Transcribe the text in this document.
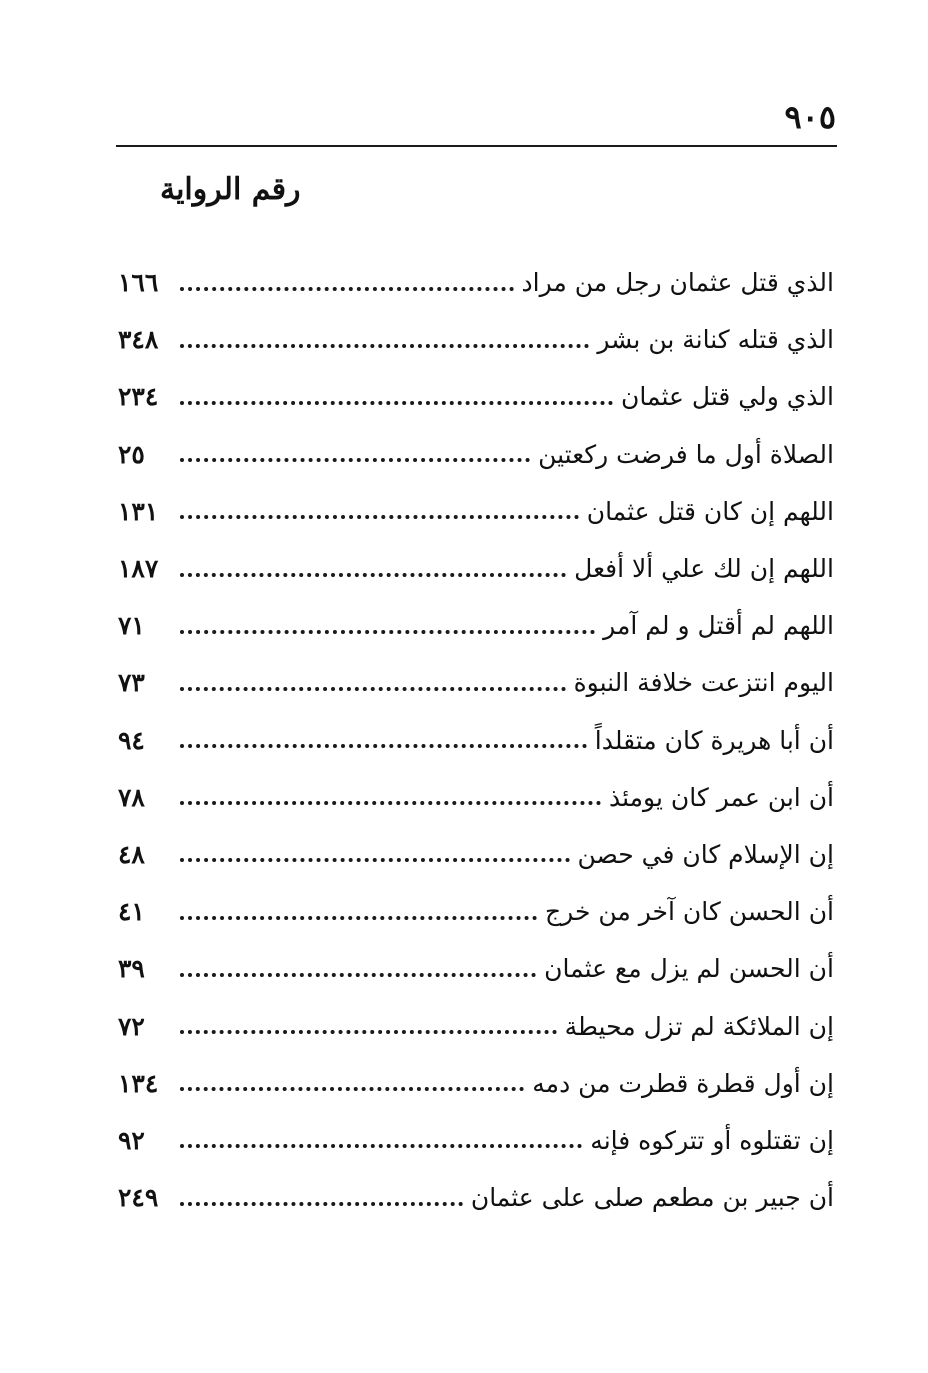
٩٠٥
رقم الرواية
الذي قتل عثمان رجل من مراد
١٦٦
الذي قتله كنانة بن بشر
٣٤٨
الذي ولي قتل عثمان
٢٣٤
الصلاة أول ما فرضت ركعتين
٢٥
اللهم إن كان قتل عثمان
١٣١
اللهم إن لك علي ألا أفعل
١٨٧
اللهم لم أقتل و لم آمر
٧١
اليوم انتزعت خلافة النبوة
٧٣
أن أبا هريرة كان متقلداً
٩٤
أن ابن عمر كان يومئذ
٧٨
إن الإسلام كان في حصن
٤٨
أن الحسن كان آخر من خرج
٤١
أن الحسن لم يزل مع عثمان
٣٩
إن الملائكة لم تزل محيطة
٧٢
إن أول قطرة قطرت من دمه
١٣٤
إن تقتلوه أو تتركوه فإنه
٩٢
أن جبير بن مطعم صلى على عثمان
٢٤٩
